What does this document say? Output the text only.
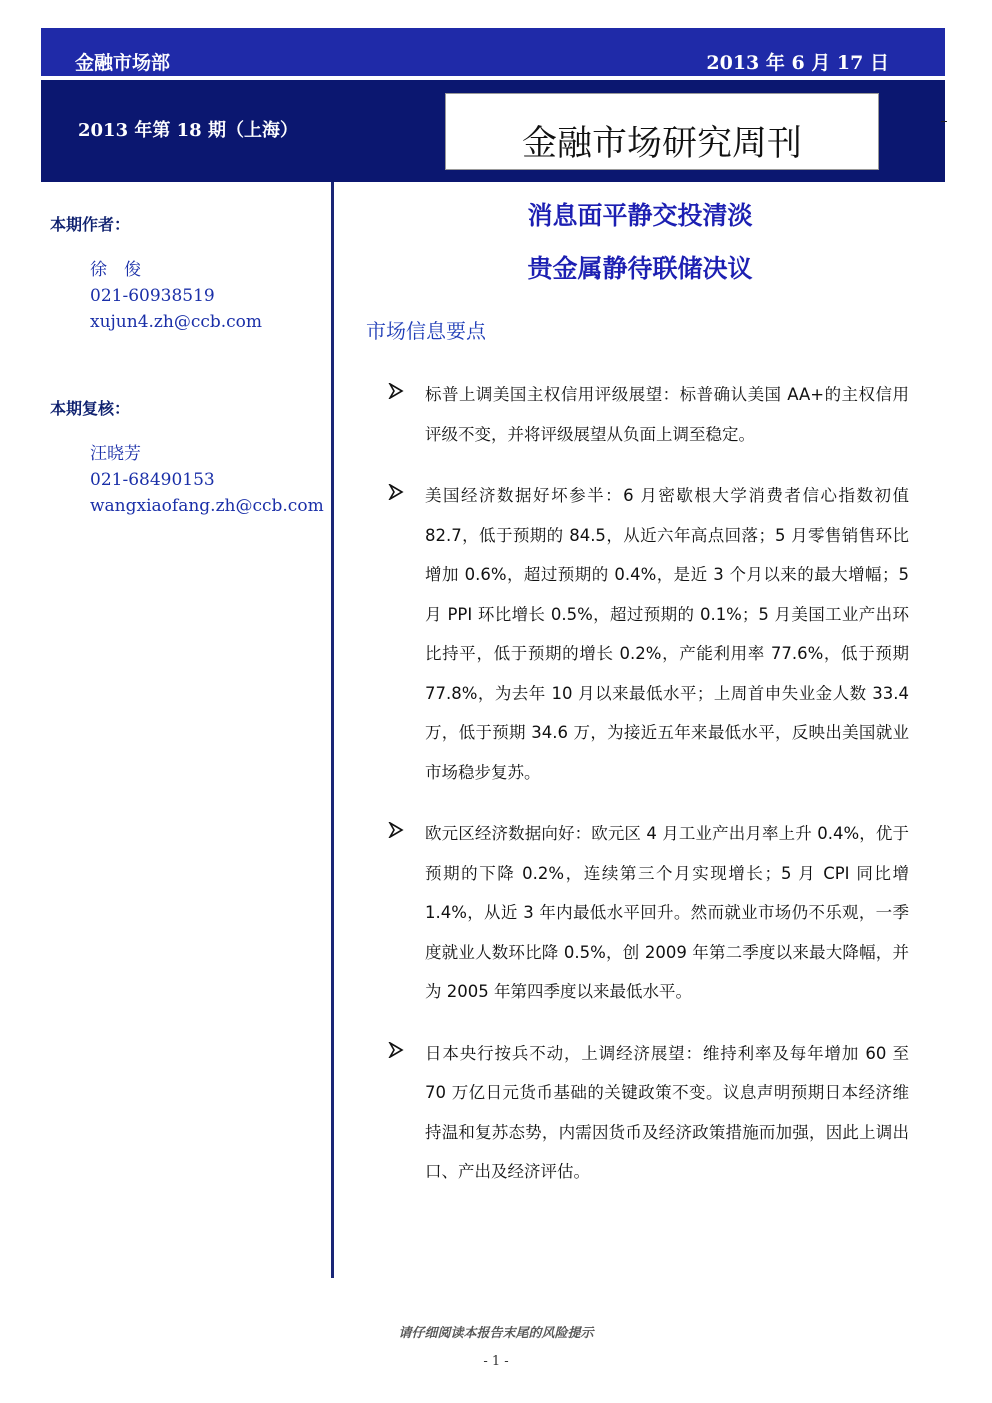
金融市场部	2013 年 6 月 17 日
2013 年第 18 期（上海）	金融市场研究周刊
本期作者：
徐　俊
021-60938519
xujun4.zh@ccb.com
本期复核：
汪晓芳
021-68490153
wangxiaofang.zh@ccb.com
消息面平静交投清淡
贵金属静待联储决议
市场信息要点
标普上调美国主权信用评级展望：标普确认美国 AA+的主权信用评级不变，并将评级展望从负面上调至稳定。
美国经济数据好坏参半：6 月密歇根大学消费者信心指数初值 82.7，低于预期的 84.5，从近六年高点回落；5 月零售销售环比增加 0.6%，超过预期的 0.4%，是近 3 个月以来的最大增幅；5 月 PPI 环比增长 0.5%，超过预期的 0.1%；5 月美国工业产出环比持平，低于预期的增长 0.2%，产能利用率 77.6%，低于预期 77.8%，为去年 10 月以来最低水平；上周首申失业金人数 33.4 万，低于预期 34.6 万，为接近五年来最低水平，反映出美国就业市场稳步复苏。
欧元区经济数据向好：欧元区 4 月工业产出月率上升 0.4%，优于预期的下降 0.2%，连续第三个月实现增长；5 月 CPI 同比增 1.4%，从近 3 年内最低水平回升。然而就业市场仍不乐观，一季度就业人数环比降 0.5%，创 2009 年第二季度以来最大降幅，并为 2005 年第四季度以来最低水平。
日本央行按兵不动，上调经济展望：维持利率及每年增加 60 至 70 万亿日元货币基础的关键政策不变。议息声明预期日本经济维持温和复苏态势，内需因货币及经济政策措施而加强，因此上调出口、产出及经济评估。
请仔细阅读本报告末尾的风险提示
- 1 -
